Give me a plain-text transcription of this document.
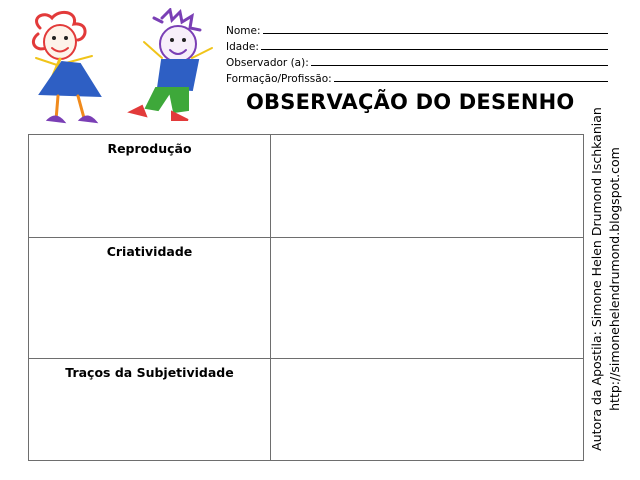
Nome:
Idade:
Observador (a):
Formação/Profissão:
OBSERVAÇÃO DO DESENHO
Reprodução
Criatividade
Traços da Subjetividade	Autora da Apostila: Simone Helen Drumond Ischkanian http://simonehelendrumond.blogspot.com
